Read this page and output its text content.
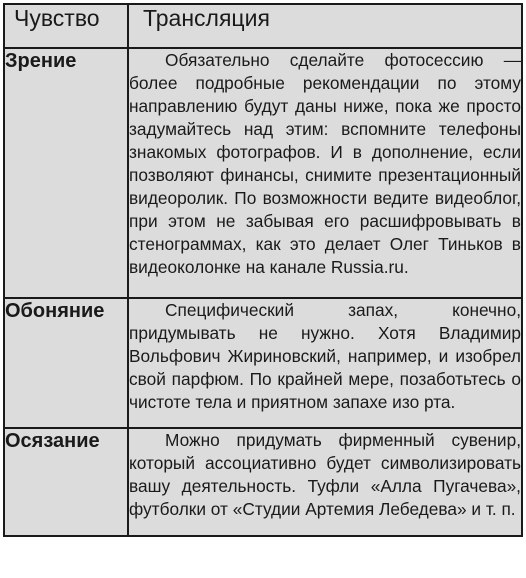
Чувство	Трансляция

Зрение	Обязательно сделайте фотосессию — более подробные рекомендации по этому направлению будут даны ниже, пока же просто задумайтесь над этим: вспомните телефоны знакомых фотографов. И в дополнение, если позволяют финансы, снимите презентационный видеоролик. По возможности ведите видеоблог, при этом не забывая его расшифровывать в стенограммах, как это делает Олег Тиньков в видеоколонке на канале Russia.ru.
Обоняние	Специфический запах, конечно, придумывать не нужно. Хотя Владимир Вольфович Жириновский, например, и изобрел свой парфюм. По крайней мере, позаботьтесь о чистоте тела и приятном запахе изо рта.
Осязание	Можно придумать фирменный сувенир, который ассоциативно будет символизировать вашу деятельность. Туфли «Алла Пугачева», футболки от «Студии Артемия Лебедева» и т. п.
